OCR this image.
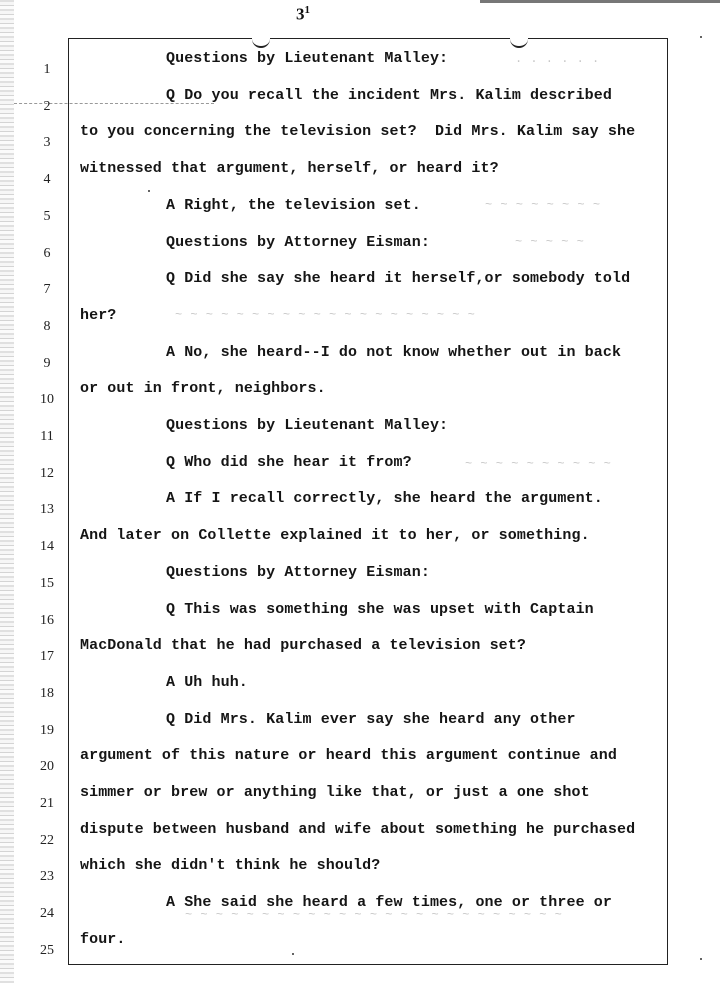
$3^1$
1
2
3
4
5
6
7
8
9
10
11
12
13
14
15
16
17
18
19
20
21
22
23
24
25
Questions by Lieutenant Malley:
Q Do you recall the incident Mrs. Kalim described
to you concerning the television set?  Did Mrs. Kalim say she
witnessed that argument, herself, or heard it?
A Right, the television set.
Questions by Attorney Eisman:
Q Did she say she heard it herself,or somebody told
her?
A No, she heard--I do not know whether out in back
or out in front, neighbors.
Questions by Lieutenant Malley:
Q Who did she hear it from?
A If I recall correctly, she heard the argument.
And later on Collette explained it to her, or something.
Questions by Attorney Eisman:
Q This was something she was upset with Captain
MacDonald that he had purchased a television set?
A Uh huh.
Q Did Mrs. Kalim ever say she heard any other
argument of this nature or heard this argument continue and
simmer or brew or anything like that, or just a one shot
dispute between husband and wife about something he purchased
which she didn't think he should?
A She said she heard a few times, one or three or
four.
. . . . . .
~ ~ ~ ~ ~ ~ ~ ~
~ ~ ~ ~ ~
~ ~ ~ ~ ~ ~ ~ ~ ~ ~ ~ ~ ~ ~ ~ ~ ~ ~ ~ ~
~ ~ ~ ~ ~ ~ ~ ~ ~ ~
~ ~ ~ ~ ~ ~ ~ ~ ~ ~ ~ ~ ~ ~ ~ ~ ~ ~ ~ ~ ~ ~ ~ ~ ~
